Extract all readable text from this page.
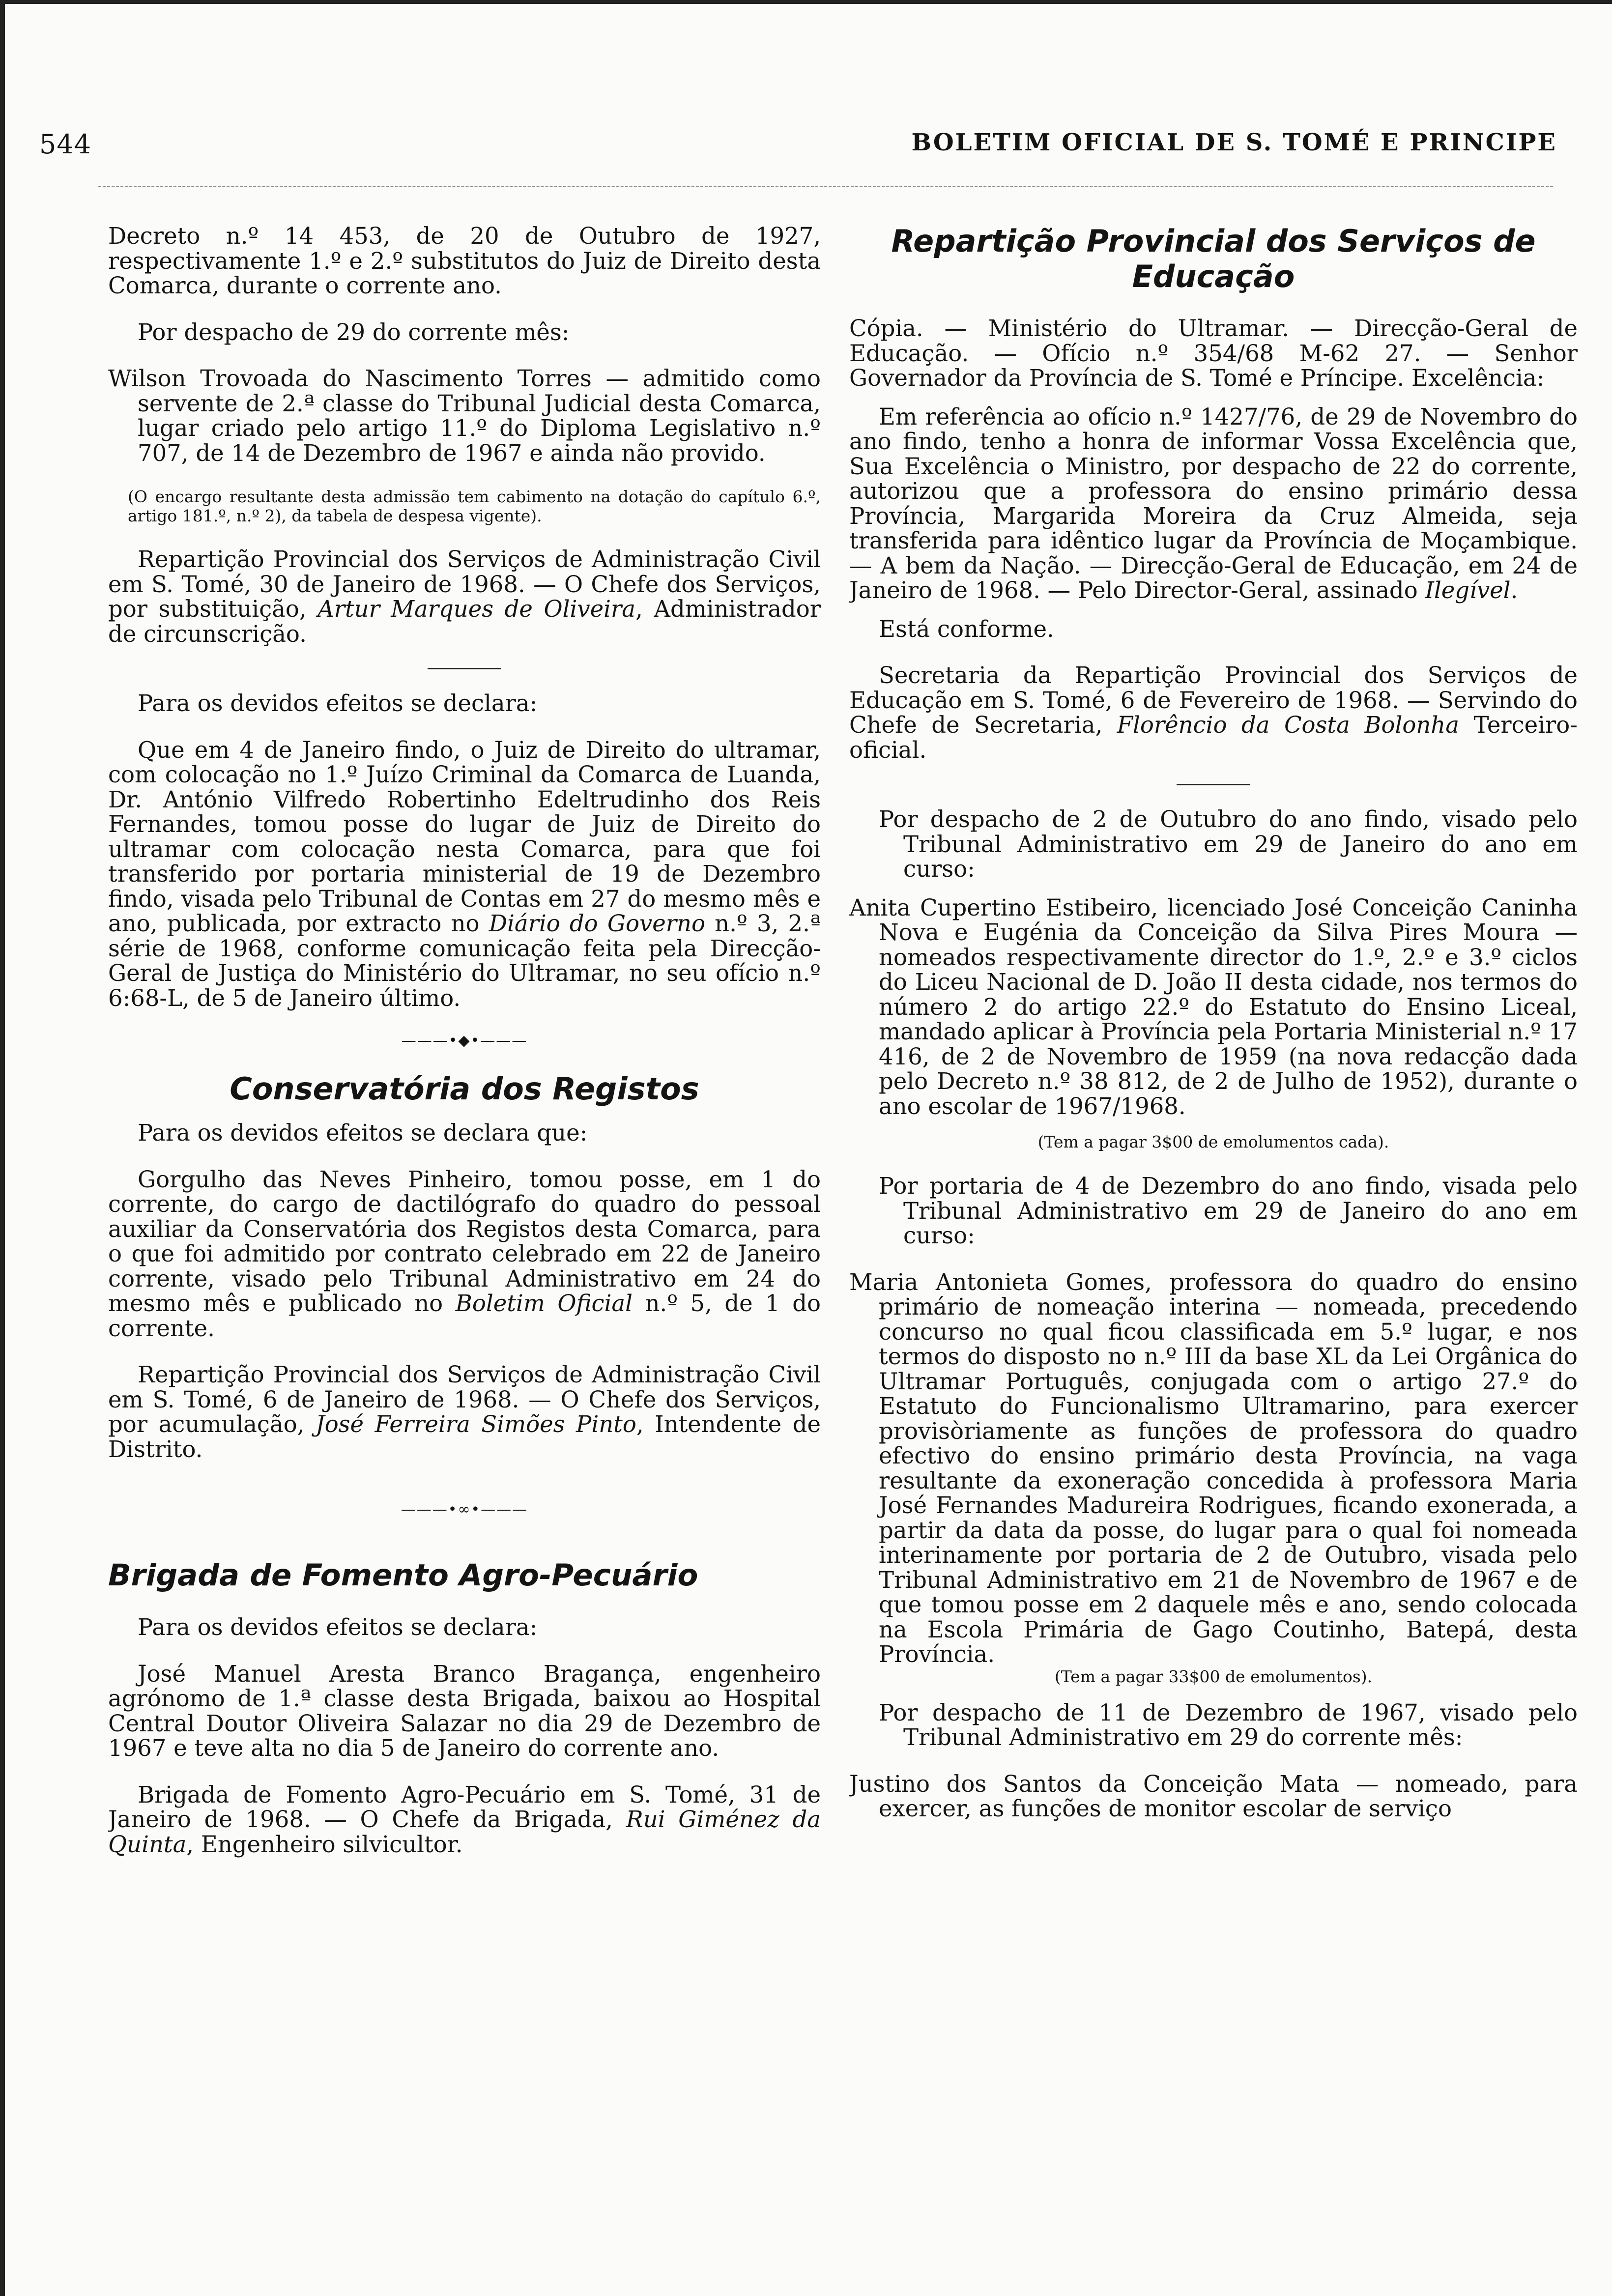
544	BOLETIM OFICIAL DE S. TOMÉ E PRINCIPE

Decreto n.º 14 453, de 20 de Outubro de 1927, respectivamente 1.º e 2.º substitutos do Juiz de Direito desta Comarca, durante o corrente ano.

Por despacho de 29 do corrente mês:

Wilson Trovoada do Nascimento Torres — admitido como servente de 2.ª classe do Tribunal Judicial desta Comarca, lugar criado pelo artigo 11.º do Diploma Legislativo n.º 707, de 14 de Dezembro de 1967 e ainda não provido.

(O encargo resultante desta admissão tem cabimento na dotação do capítulo 6.º, artigo 181.º, n.º 2), da tabela de despesa vigente).

Repartição Provincial dos Serviços de Administração Civil em S. Tomé, 30 de Janeiro de 1968. — O Chefe dos Serviços, por substituição, Artur Marques de Oliveira, Administrador de circunscrição.

Para os devidos efeitos se declara:

Que em 4 de Janeiro findo, o Juiz de Direito do ultramar, com colocação no 1.º Juízo Criminal da Comarca de Luanda, Dr. António Vilfredo Robertinho Edeltrudinho dos Reis Fernandes, tomou posse do lugar de Juiz de Direito do ultramar com colocação nesta Comarca, para que foi transferido por portaria ministerial de 19 de Dezembro findo, visada pelo Tribunal de Contas em 27 do mesmo mês e ano, publicada, por extracto no Diário do Governo n.º 3, 2.ª série de 1968, conforme comunicação feita pela Direcção-Geral de Justiça do Ministério do Ultramar, no seu ofício n.º 6:68-L, de 5 de Janeiro último.

———•◆•———
Conservatória dos Registos

Para os devidos efeitos se declara que:

Gorgulho das Neves Pinheiro, tomou posse, em 1 do corrente, do cargo de dactilógrafo do quadro do pessoal auxiliar da Conservatória dos Registos desta Comarca, para o que foi admitido por contrato celebrado em 22 de Janeiro corrente, visado pelo Tribunal Administrativo em 24 do mesmo mês e publicado no Boletim Oficial n.º 5, de 1 do corrente.

Repartição Provincial dos Serviços de Administração Civil em S. Tomé, 6 de Janeiro de 1968. — O Chefe dos Serviços, por acumulação, José Ferreira Simões Pinto, Intendente de Distrito.

———•∞•———
Brigada de Fomento Agro-Pecuário

Para os devidos efeitos se declara:

José Manuel Aresta Branco Bragança, engenheiro agrónomo de 1.ª classe desta Brigada, baixou ao Hospital Central Doutor Oliveira Salazar no dia 29 de Dezembro de 1967 e teve alta no dia 5 de Janeiro do corrente ano.

Brigada de Fomento Agro-Pecuário em S. Tomé, 31 de Janeiro de 1968. — O Chefe da Brigada, Rui Giménez da Quinta, Engenheiro silvicultor.

Repartição Provincial dos Serviços de Educação

Cópia. — Ministério do Ultramar. — Direcção-Geral de Educação. — Ofício n.º 354/68 M-62 27. — Senhor Governador da Província de S. Tomé e Príncipe. Excelência:

Em referência ao ofício n.º 1427/76, de 29 de Novembro do ano findo, tenho a honra de informar Vossa Excelência que, Sua Excelência o Ministro, por despacho de 22 do corrente, autorizou que a professora do ensino primário dessa Província, Margarida Moreira da Cruz Almeida, seja transferida para idêntico lugar da Província de Moçambique. — A bem da Nação. — Direcção-Geral de Educação, em 24 de Janeiro de 1968. — Pelo Director-Geral, assinado Ilegível.

Está conforme.

Secretaria da Repartição Provincial dos Serviços de Educação em S. Tomé, 6 de Fevereiro de 1968. — Servindo do Chefe de Secretaria, Florêncio da Costa Bolonha Terceiro-oficial.

Por despacho de 2 de Outubro do ano findo, visado pelo Tribunal Administrativo em 29 de Janeiro do ano em curso:

Anita Cupertino Estibeiro, licenciado José Conceição Caninha Nova e Eugénia da Conceição da Silva Pires Moura — nomeados respectivamente director do 1.º, 2.º e 3.º ciclos do Liceu Nacional de D. João II desta cidade, nos termos do número 2 do artigo 22.º do Estatuto do Ensino Liceal, mandado aplicar à Província pela Portaria Ministerial n.º 17 416, de 2 de Novembro de 1959 (na nova redacção dada pelo Decreto n.º 38 812, de 2 de Julho de 1952), durante o ano escolar de 1967/1968.

(Tem a pagar 3$00 de emolumentos cada).

Por portaria de 4 de Dezembro do ano findo, visada pelo Tribunal Administrativo em 29 de Janeiro do ano em curso:

Maria Antonieta Gomes, professora do quadro do ensino primário de nomeação interina — nomeada, precedendo concurso no qual ficou classificada em 5.º lugar, e nos termos do disposto no n.º III da base XL da Lei Orgânica do Ultramar Português, conjugada com o artigo 27.º do Estatuto do Funcionalismo Ultramarino, para exercer provisòriamente as funções de professora do quadro efectivo do ensino primário desta Província, na vaga resultante da exoneração concedida à professora Maria José Fernandes Madureira Rodrigues, ficando exonerada, a partir da data da posse, do lugar para o qual foi nomeada interinamente por portaria de 2 de Outubro, visada pelo Tribunal Administrativo em 21 de Novembro de 1967 e de que tomou posse em 2 daquele mês e ano, sendo colocada na Escola Primária de Gago Coutinho, Batepá, desta Província.

(Tem a pagar 33$00 de emolumentos).

Por despacho de 11 de Dezembro de 1967, visado pelo Tribunal Administrativo em 29 do corrente mês:

Justino dos Santos da Conceição Mata — nomeado, para exercer, as funções de monitor escolar de serviço
